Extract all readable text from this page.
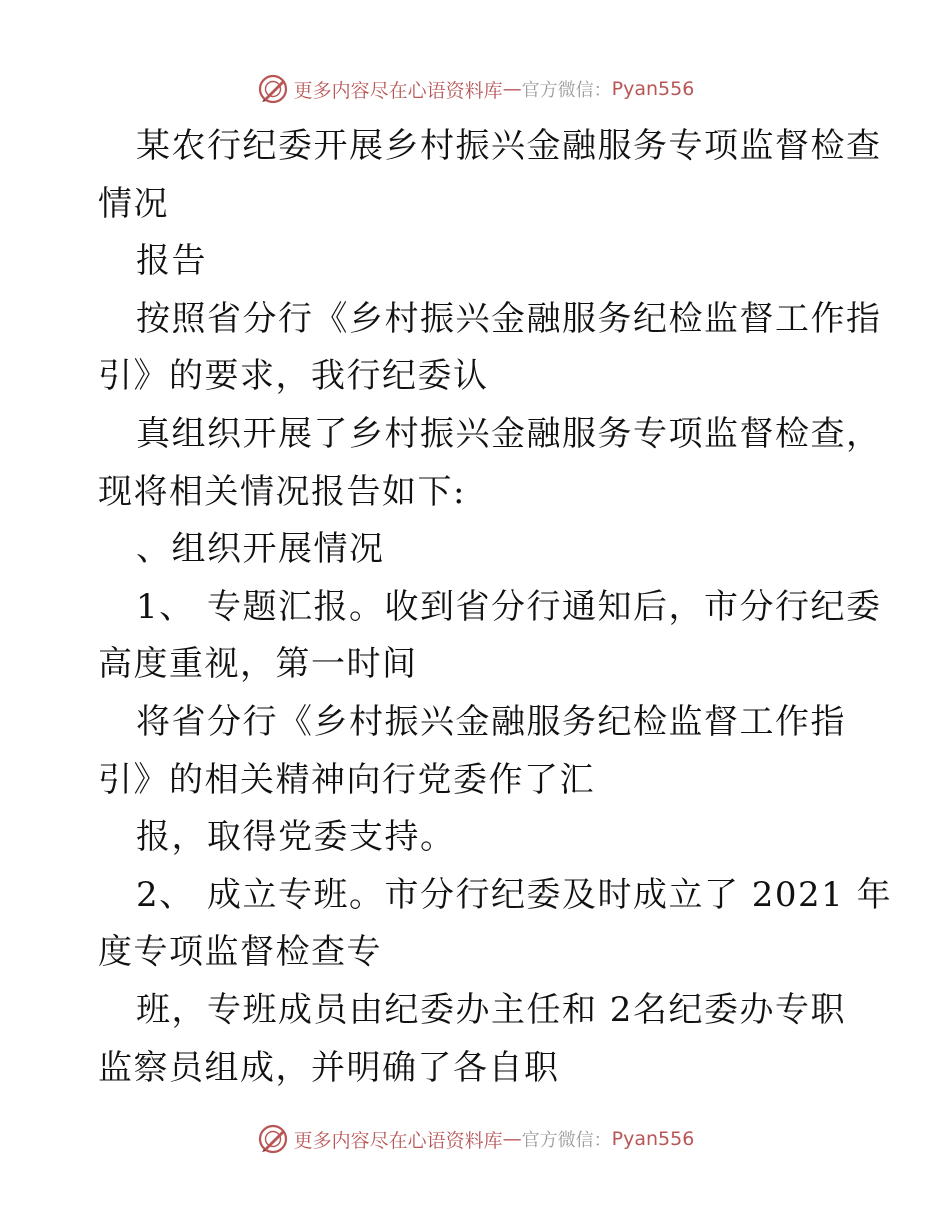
更多内容尽在心语资料库 — 官方微信： Pyan556
某农行纪委开展乡村振兴金融服务专项监督检查
情况
报告
按照省分行《乡村振兴金融服务纪检监督工作指
引》的要求，我行纪委认
真组织开展了乡村振兴金融服务专项监督检查，
现将相关情况报告如下:
、组织开展情况
1、 专题汇报。收到省分行通知后，市分行纪委
高度重视，第一时间
将省分行《乡村振兴金融服务纪检监督工作指
引》的相关精神向行党委作了汇
报，取得党委支持。
2、 成立专班。市分行纪委及时成立了 2021 年
度专项监督检查专
班，专班成员由纪委办主任和 2名纪委办专职
监察员组成，并明确了各自职
更多内容尽在心语资料库 — 官方微信： Pyan556
